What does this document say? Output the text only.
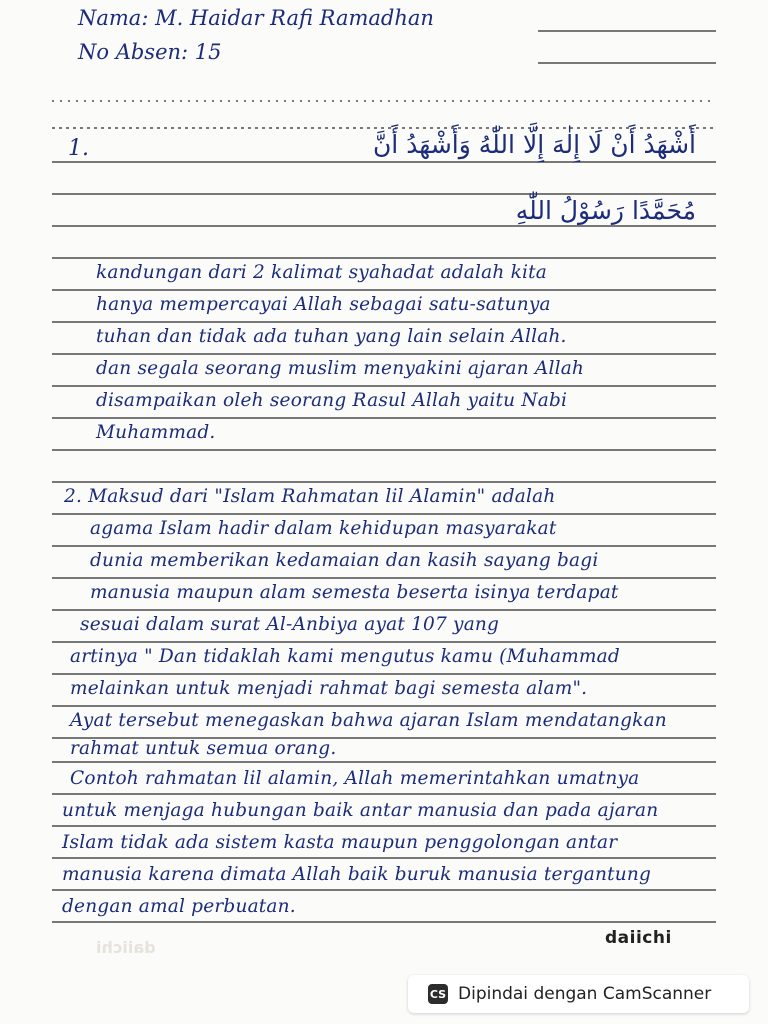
Nama: M. Haidar Rafi Ramadhan
No Absen: 15
1.	أَشْهَدُ أَنْ لَا إِلٰهَ إِلَّا اللّٰهُ وَأَشْهَدُ أَنَّ
مُحَمَّدًا رَسُوْلُ اللّٰهِ
kandungan dari 2 kalimat syahadat adalah kita
hanya mempercayai Allah sebagai satu-satunya
tuhan dan tidak ada tuhan yang lain selain Allah.
dan segala seorang muslim menyakini ajaran Allah
disampaikan oleh seorang Rasul Allah yaitu Nabi
Muhammad.
2. Maksud dari "Islam Rahmatan lil Alamin" adalah
agama Islam hadir dalam kehidupan masyarakat
dunia memberikan kedamaian dan kasih sayang bagi
manusia maupun alam semesta beserta isinya terdapat
sesuai dalam surat Al-Anbiya ayat 107 yang
artinya " Dan tidaklah kami mengutus kamu (Muhammad
melainkan untuk menjadi rahmat bagi semesta alam".
Ayat tersebut menegaskan bahwa ajaran Islam mendatangkan
rahmat untuk semua orang.
Contoh rahmatan lil alamin, Allah memerintahkan umatnya
untuk menjaga hubungan baik antar manusia dan pada ajaran
Islam tidak ada sistem kasta maupun penggolongan antar
manusia karena dimata Allah baik buruk manusia tergantung
dengan amal perbuatan.
daiichi	daiichi
CS Dipindai dengan CamScanner
